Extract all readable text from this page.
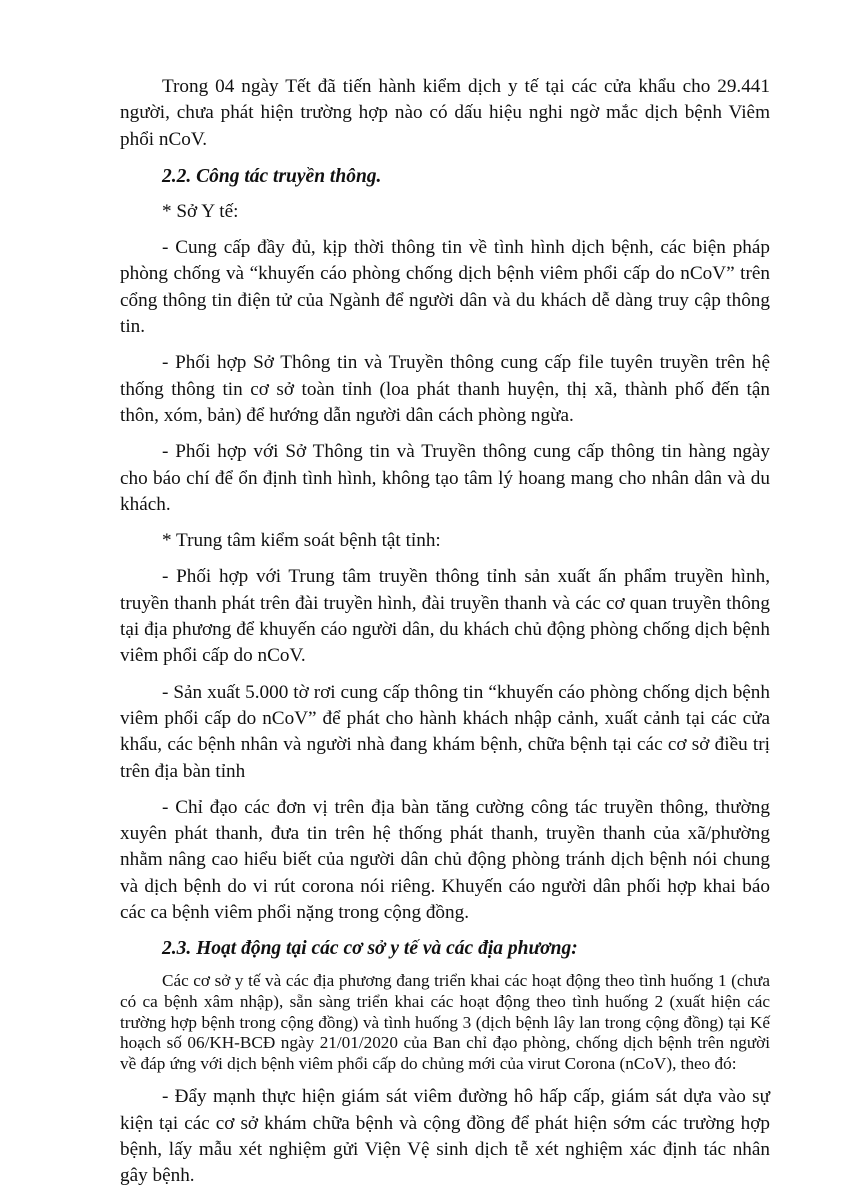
Trong 04 ngày Tết đã tiến hành kiểm dịch y tế tại các cửa khẩu cho 29.441 người, chưa phát hiện trường hợp nào có dấu hiệu nghi ngờ mắc dịch bệnh Viêm phổi nCoV.

2.2. Công tác truyền thông.

* Sở Y tế:

- Cung cấp đầy đủ, kịp thời thông tin về tình hình dịch bệnh, các biện pháp phòng chống và “khuyến cáo phòng chống dịch bệnh viêm phổi cấp do nCoV” trên cổng thông tin điện tử của Ngành để người dân và du khách dễ dàng truy cập thông tin.

- Phối hợp Sở Thông tin và Truyền thông cung cấp file tuyên truyền trên hệ thống thông tin cơ sở toàn tỉnh (loa phát thanh huyện, thị xã, thành phố đến tận thôn, xóm, bản) để hướng dẫn người dân cách phòng ngừa.

- Phối hợp với Sở Thông tin và Truyền thông cung cấp thông tin hàng ngày cho báo chí để ổn định tình hình, không tạo tâm lý hoang mang cho nhân dân và du khách.

* Trung tâm kiểm soát bệnh tật tỉnh:

- Phối hợp với Trung tâm truyền thông tỉnh sản xuất ấn phẩm truyền hình, truyền thanh phát trên đài truyền hình, đài truyền thanh và các cơ quan truyền thông tại địa phương để khuyến cáo người dân, du khách chủ động phòng chống dịch bệnh viêm phổi cấp do nCoV.

- Sản xuất 5.000 tờ rơi cung cấp thông tin “khuyến cáo phòng chống dịch bệnh viêm phổi cấp do nCoV” để phát cho hành khách nhập cảnh, xuất cảnh tại các cửa khẩu, các bệnh nhân và người nhà đang khám bệnh, chữa bệnh tại các cơ sở điều trị trên địa bàn tỉnh

- Chỉ đạo các đơn vị trên địa bàn tăng cường công tác truyền thông, thường xuyên phát thanh, đưa tin trên hệ thống phát thanh, truyền thanh của xã/phường nhằm nâng cao hiểu biết của người dân chủ động phòng tránh dịch bệnh nói chung và dịch bệnh do vi rút corona nói riêng. Khuyến cáo người dân phối hợp khai báo các ca bệnh viêm phổi nặng trong cộng đồng.

2.3. Hoạt động tại các cơ sở y tế và các địa phương:

Các cơ sở y tế và các địa phương đang triển khai các hoạt động theo tình huống 1 (chưa có ca bệnh xâm nhập), sẵn sàng triển khai các hoạt động theo tình huống 2 (xuất hiện các trường hợp bệnh trong cộng đồng) và tình huống 3 (dịch bệnh lây lan trong cộng đồng) tại Kế hoạch số 06/KH-BCĐ ngày 21/01/2020 của Ban chỉ đạo phòng, chống dịch bệnh trên người về đáp ứng với dịch bệnh viêm phổi cấp do chủng mới của virut Corona (nCoV), theo đó:

- Đẩy mạnh thực hiện giám sát viêm đường hô hấp cấp, giám sát dựa vào sự kiện tại các cơ sở khám chữa bệnh và cộng đồng để phát hiện sớm các trường hợp bệnh, lấy mẫu xét nghiệm gửi Viện Vệ sinh dịch tễ xét nghiệm xác định tác nhân gây bệnh.
